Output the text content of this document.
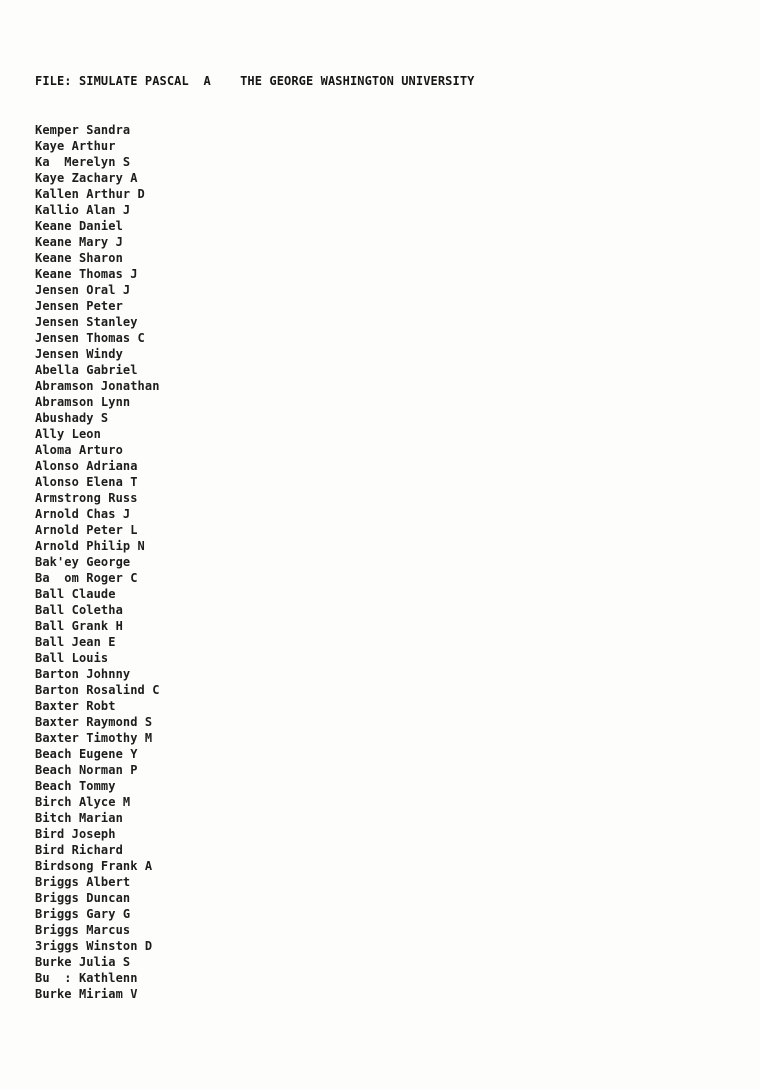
FILE: SIMULATE PASCAL  A    THE GEORGE WASHINGTON UNIVERSITY
Kemper Sandra
Kaye Arthur
Ka  Merelyn S
Kaye Zachary A
Kallen Arthur D
Kallio Alan J
Keane Daniel
Keane Mary J
Keane Sharon
Keane Thomas J
Jensen Oral J
Jensen Peter
Jensen Stanley
Jensen Thomas C
Jensen Windy
Abella Gabriel
Abramson Jonathan
Abramson Lynn
Abushady S
Ally Leon
Aloma Arturo
Alonso Adriana
Alonso Elena T
Armstrong Russ
Arnold Chas J
Arnold Peter L
Arnold Philip N
Bak'ey George
Ba  om Roger C
Ball Claude
Ball Coletha
Ball Grank H
Ball Jean E
Ball Louis
Barton Johnny
Barton Rosalind C
Baxter Robt
Baxter Raymond S
Baxter Timothy M
Beach Eugene Y
Beach Norman P
Beach Tommy
Birch Alyce M
Bitch Marian
Bird Joseph
Bird Richard
Birdsong Frank A
Briggs Albert
Briggs Duncan
Briggs Gary G
Briggs Marcus
3riggs Winston D
Burke Julia S
Bu  : Kathlenn
Burke Miriam V
